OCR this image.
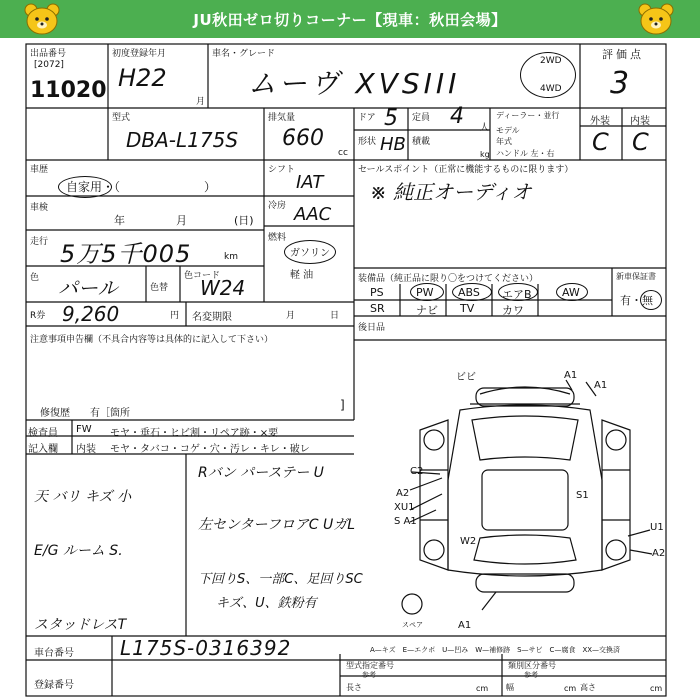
JU秋田ゼロ切りコーナー【現車：秋田会場】
出品番号
[2072]
11020
初度登録年月
H22
月
車名・グレード
ムーヴ XVSIII
2WD
4WD
評価点
3
型式
DBA-L175S
排気量
660
cc
ドア 5 定員 4 人
ディーラー・並行
形状 HB 積載
kg
モデル
年式
ハンドル 左・右
外装 内装
C C
車歴
自家用・（　　　　　　　）
シフト
IAT
冷房 AAC
車検
年	月	(日)
走行 5万5千005	km
燃料
ガソリン
軽 油
色 パール	色替
色コード
W24
R券 9,260	円 名変期限	月	日
セールスポイント（正常に機能するものに限ります）
※ 純正オーディオ
装備品（純正品に限り〇をつけてください）	新車保証書
有・無
PS	PW ABS エアB	AW
SR	ナビ TV	カワ
後日品
注意事項申告欄（不具合内容等は具体的に記入して下さい）
修復歴　　有［箇所
]
検査員
記入欄
FW モヤ・垂石・ヒビ割・リペア跡・×要
内装 モヤ・タバコ・コゲ・穴・汚レ・キレ・破レ
天 バリ キズ 小
E/G ルーム S.
スタッドレスT
Rバン パーステー U
左センターフロアC UガL
下回りS、一部C、足回りSC
キズ、U、鉄粉有
ビビ	A1
A1
C2
A2
XU1
S A1
S1
W2
U1
A2
A1
スペア
A—キズ　E—エクボ　U—凹み　W—補修跡　S—サビ　C—腐食　XX—交換済
車台番号 L175S-0316392
登録番号
型式指定番号
参考
類別区分番号
参考
長さ	cm 幅	cm 高さ	cm
